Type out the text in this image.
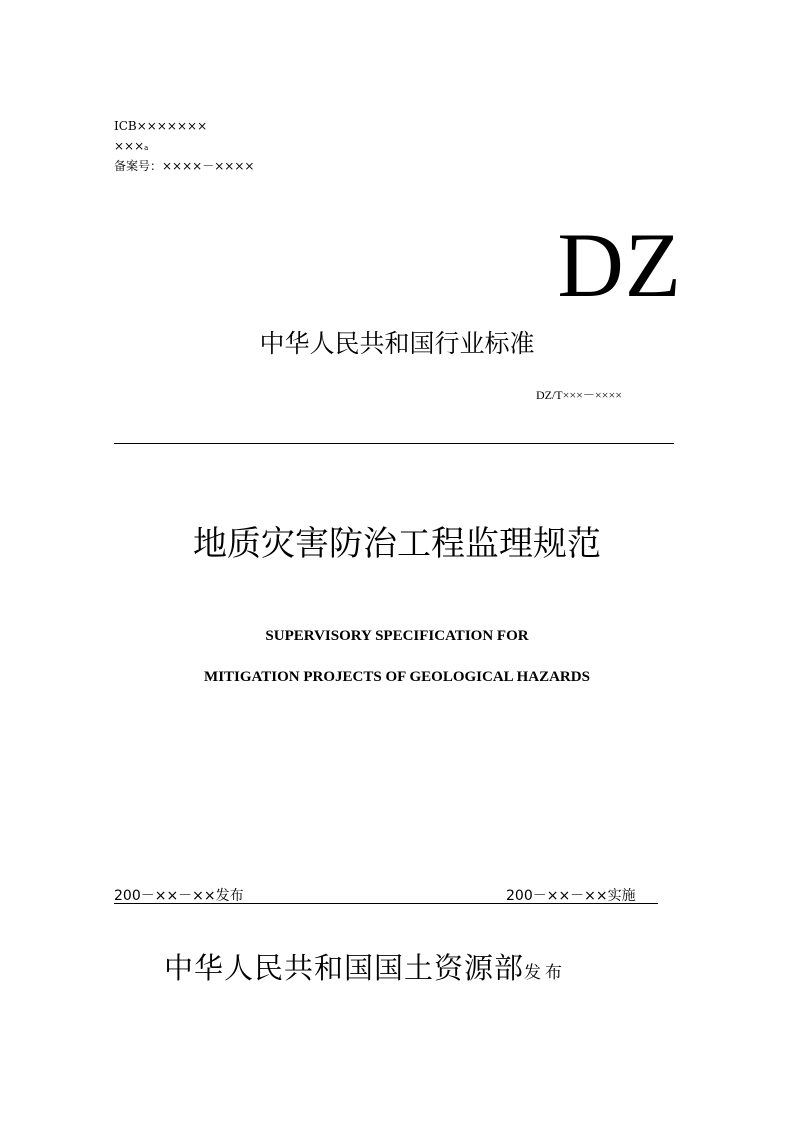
ICB×××××××
×××$^a$
备案号：××××－××××
DZ
中华人民共和国行业标准
DZ/T×××－××××
地质灾害防治工程监理规范
SUPERVISORY SPECIFICATION FOR
MITIGATION PROJECTS OF GEOLOGICAL HAZARDS
200－××－××发布	200－××－××实施
中华人民共和国国土资源部发布
